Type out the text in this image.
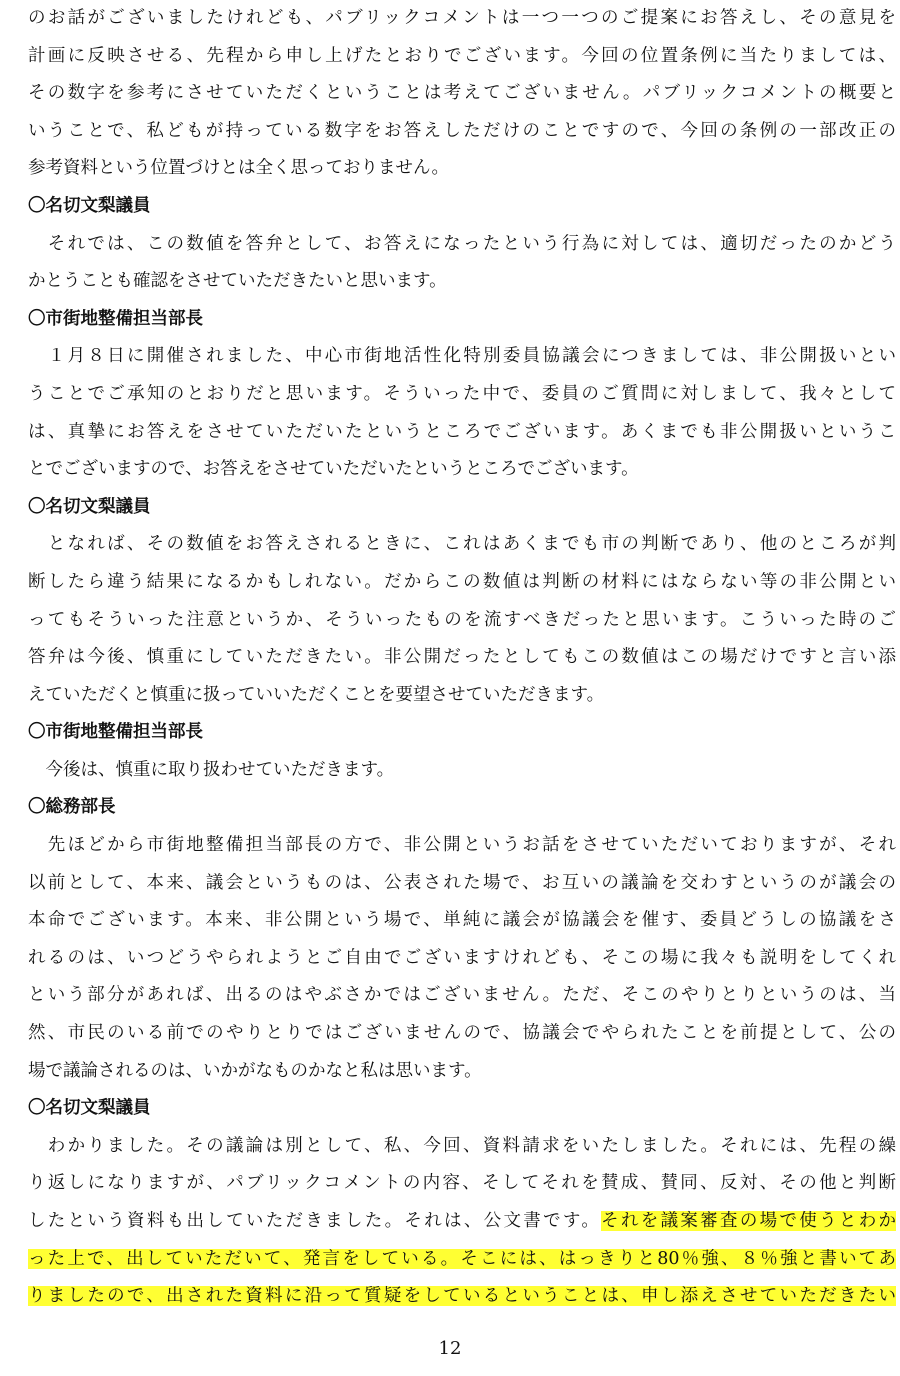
のお話がございましたけれども、パブリックコメントは一つ一つのご提案にお答えし、その意見を
計画に反映させる、先程から申し上げたとおりでございます。今回の位置条例に当たりましては、
その数字を参考にさせていただくということは考えてございません。パブリックコメントの概要と
いうことで、私どもが持っている数字をお答えしただけのことですので、今回の条例の一部改正の
参考資料という位置づけとは全く思っておりません。
〇名切文梨議員
　それでは、この数値を答弁として、お答えになったという行為に対しては、適切だったのかどう
かとうことも確認をさせていただきたいと思います。
〇市街地整備担当部長
　１月８日に開催されました、中心市街地活性化特別委員協議会につきましては、非公開扱いとい
うことでご承知のとおりだと思います。そういった中で、委員のご質問に対しまして、我々として
は、真摯にお答えをさせていただいたというところでございます。あくまでも非公開扱いというこ
とでございますので、お答えをさせていただいたというところでございます。
〇名切文梨議員
　となれば、その数値をお答えされるときに、これはあくまでも市の判断であり、他のところが判
断したら違う結果になるかもしれない。だからこの数値は判断の材料にはならない等の非公開とい
ってもそういった注意というか、そういったものを流すべきだったと思います。こういった時のご
答弁は今後、慎重にしていただきたい。非公開だったとしてもこの数値はこの場だけですと言い添
えていただくと慎重に扱っていいただくことを要望させていただきます。
〇市街地整備担当部長
　今後は、慎重に取り扱わせていただきます。
〇総務部長
　先ほどから市街地整備担当部長の方で、非公開というお話をさせていただいておりますが、それ
以前として、本来、議会というものは、公表された場で、お互いの議論を交わすというのが議会の
本命でございます。本来、非公開という場で、単純に議会が協議会を催す、委員どうしの協議をさ
れるのは、いつどうやられようとご自由でございますけれども、そこの場に我々も説明をしてくれ
という部分があれば、出るのはやぶさかではございません。ただ、そこのやりとりというのは、当
然、市民のいる前でのやりとりではございませんので、協議会でやられたことを前提として、公の
場で議論されるのは、いかがなものかなと私は思います。
〇名切文梨議員
　わかりました。その議論は別として、私、今回、資料請求をいたしました。それには、先程の繰
り返しになりますが、パブリックコメントの内容、そしてそれを賛成、賛同、反対、その他と判断
したという資料も出していただきました。それは、公文書です。それを議案審査の場で使うとわか
った上で、出していただいて、発言をしている。そこには、はっきりと80％強、８％強と書いてあ
りましたので、出された資料に沿って質疑をしているということは、申し添えさせていただきたい
12
